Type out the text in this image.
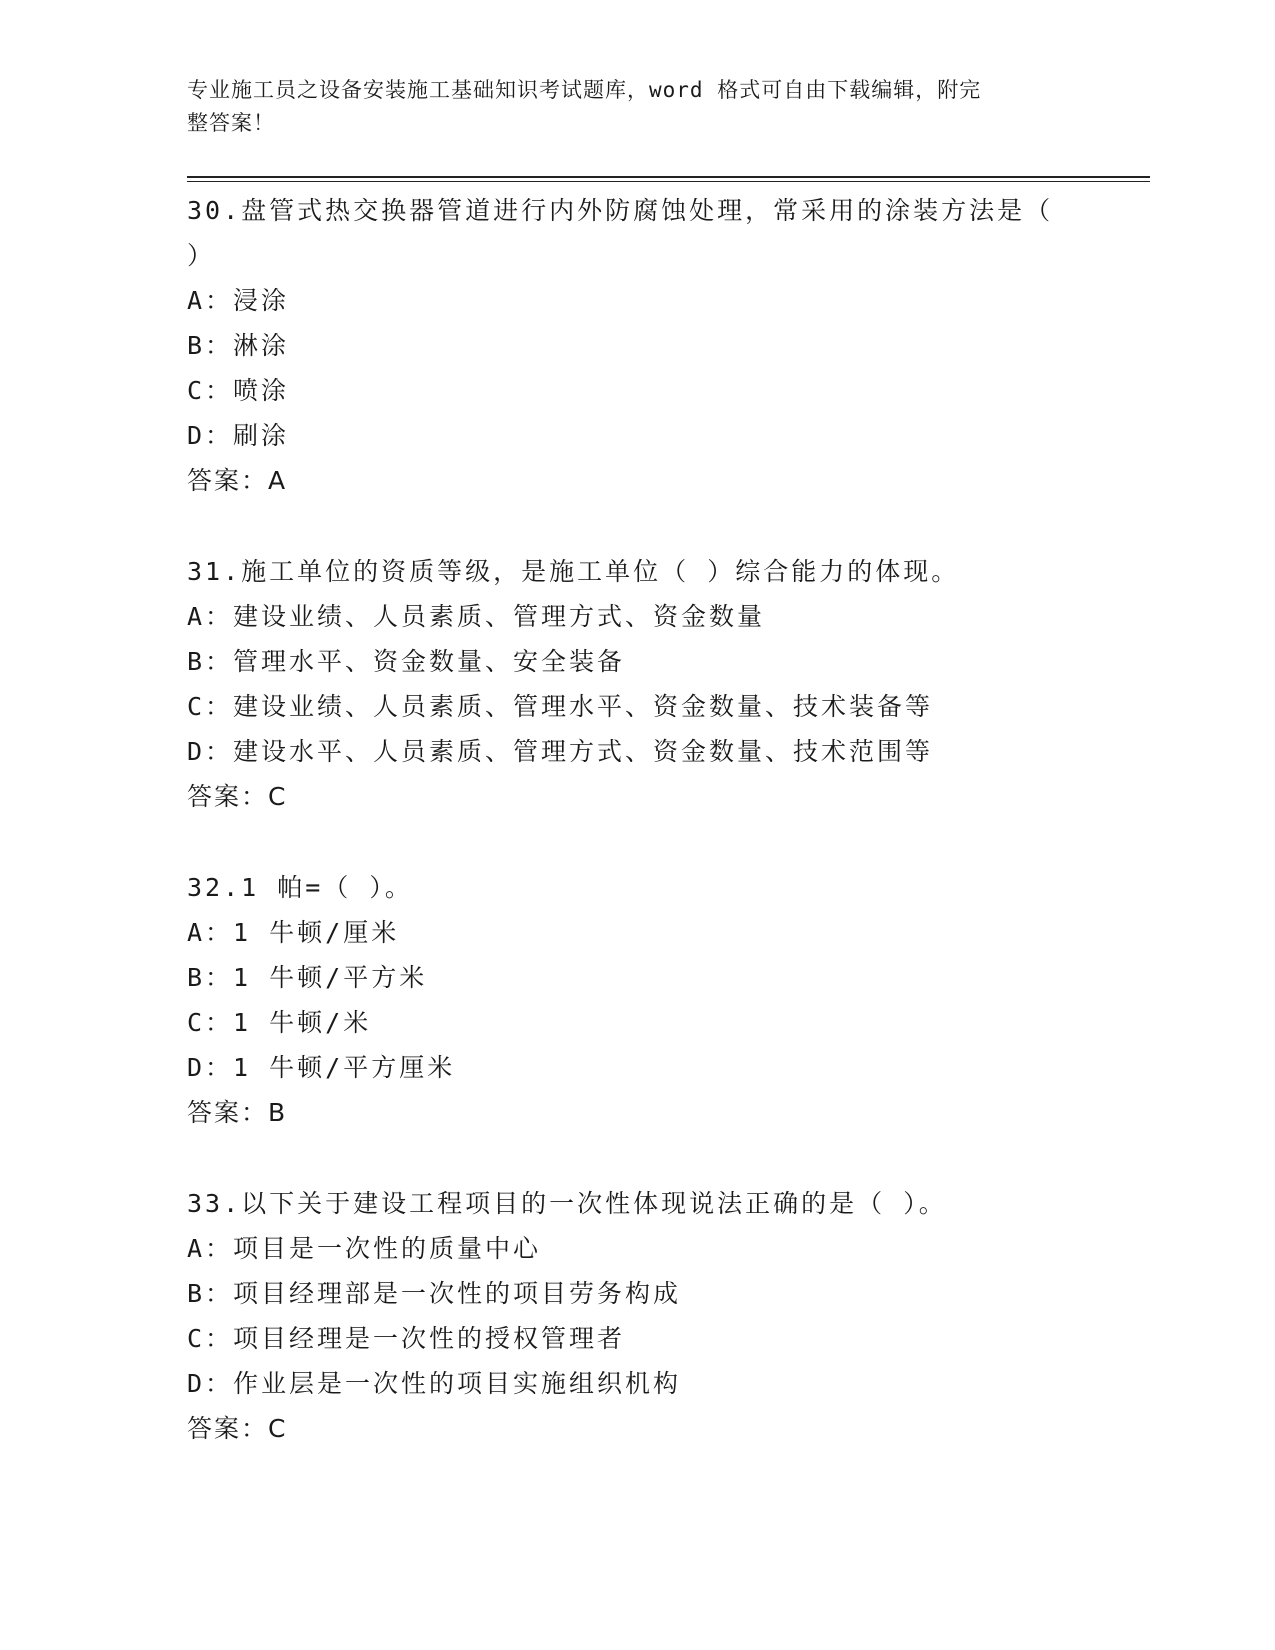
专业施工员之设备安装施工基础知识考试题库，word 格式可自由下载编辑，附完
整答案！

30.盘管式热交换器管道进行内外防腐蚀处理，常采用的涂装方法是（

）

A：浸涂

B：淋涂

C：喷涂

D：刷涂

答案：A

31.施工单位的资质等级，是施工单位（ ）综合能力的体现。

A：建设业绩、人员素质、管理方式、资金数量

B：管理水平、资金数量、安全装备

C：建设业绩、人员素质、管理水平、资金数量、技术装备等

D：建设水平、人员素质、管理方式、资金数量、技术范围等

答案：C

32.1 帕=（ ）。

A：1 牛顿/厘米

B：1 牛顿/平方米

C：1 牛顿/米

D：1 牛顿/平方厘米

答案：B

33.以下关于建设工程项目的一次性体现说法正确的是（ ）。

A：项目是一次性的质量中心

B：项目经理部是一次性的项目劳务构成

C：项目经理是一次性的授权管理者

D：作业层是一次性的项目实施组织机构

答案：C
